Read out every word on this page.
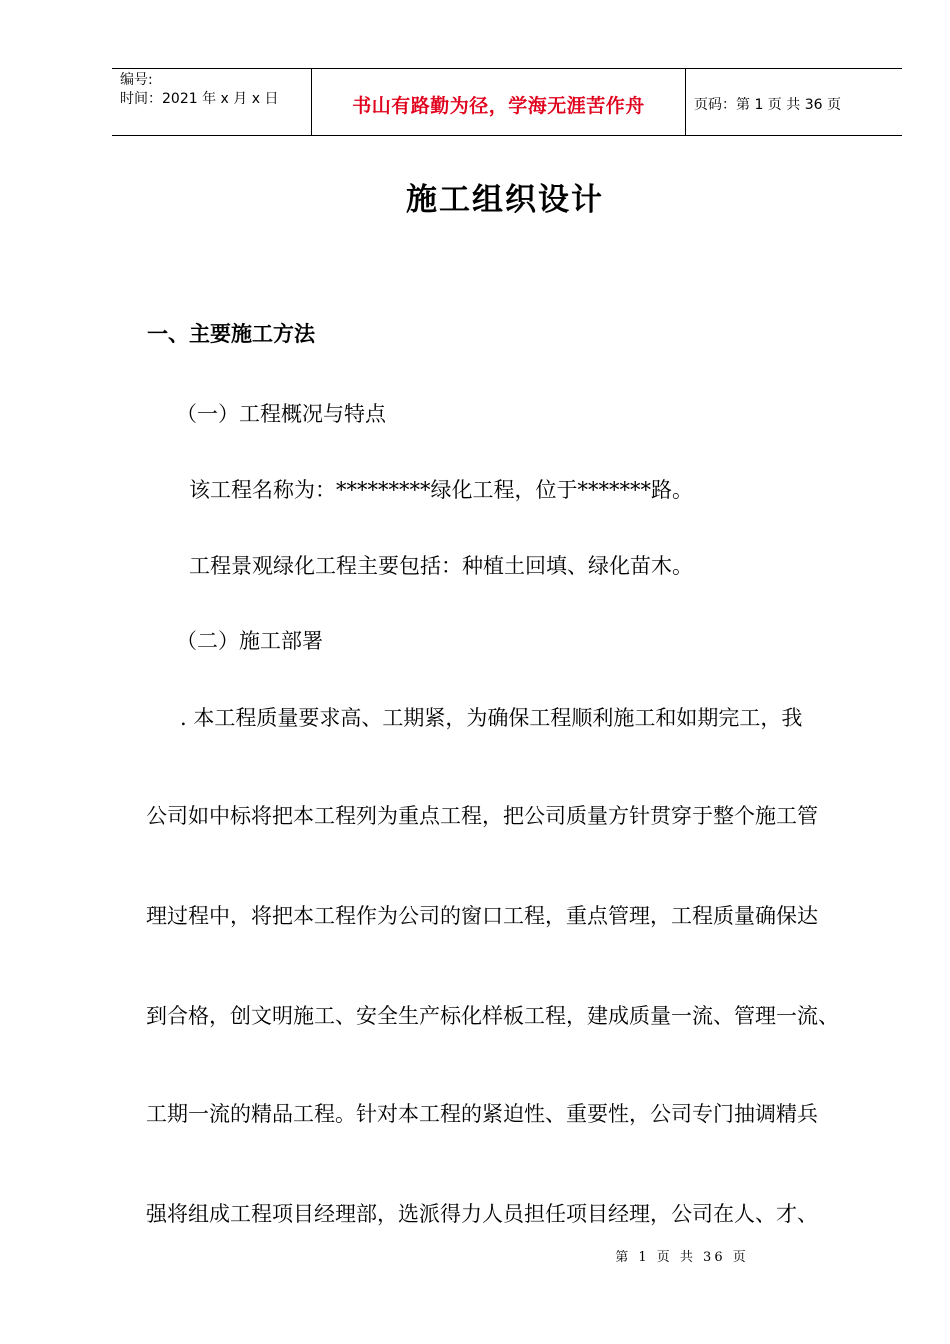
编号:
时间：2021 年 x 月 x 日	书山有路勤为径，学海无涯苦作舟	页码：第 1 页 共 36 页
施工组织设计
一、主要施工方法
（一）工程概况与特点
该工程名称为：*********绿化工程，位于*******路。
工程景观绿化工程主要包括：种植土回填、绿化苗木。
（二）施工部署
. 本工程质量要求高、工期紧，为确保工程顺利施工和如期完工，我
公司如中标将把本工程列为重点工程，把公司质量方针贯穿于整个施工管
理过程中，将把本工程作为公司的窗口工程，重点管理，工程质量确保达
到合格，创文明施工、安全生产标化样板工程，建成质量一流、管理一流、
工期一流的精品工程。针对本工程的紧迫性、重要性，公司专门抽调精兵
强将组成工程项目经理部，选派得力人员担任项目经理，公司在人、才、
第 1 页 共 36 页
